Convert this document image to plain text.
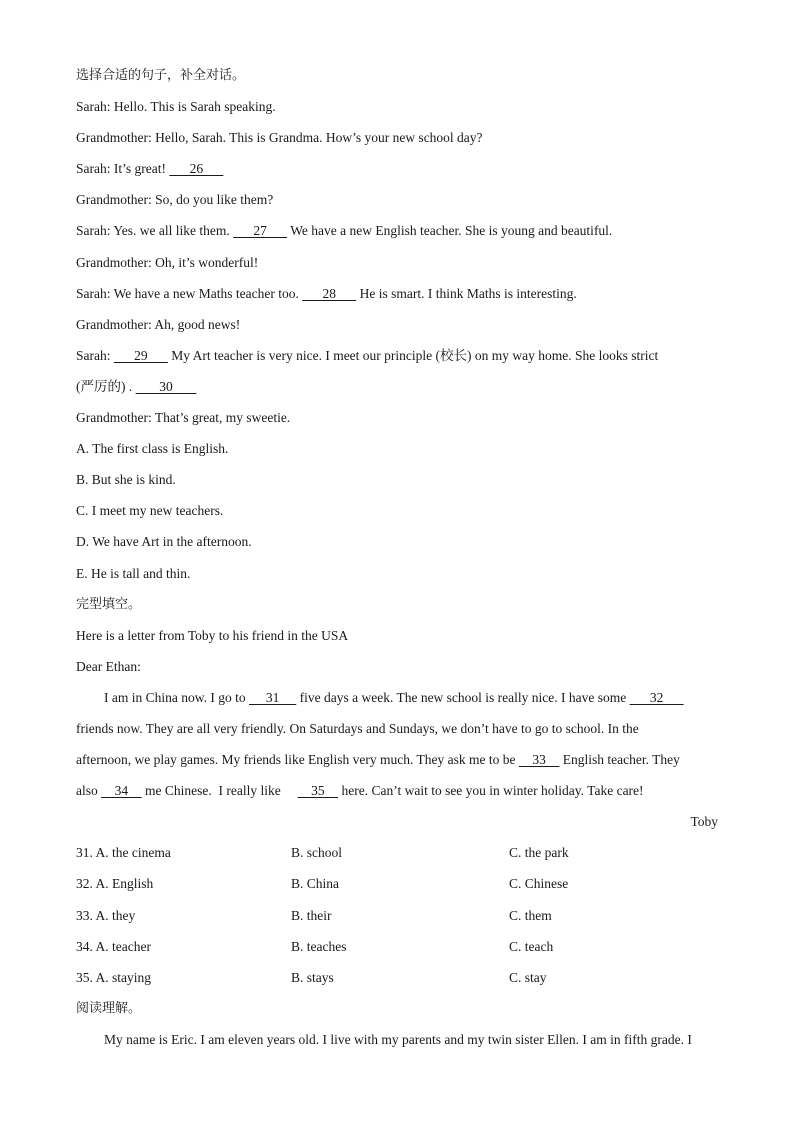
选择合适的句子，补全对话。
Sarah: Hello. This is Sarah speaking.
Grandmother: Hello, Sarah. This is Grandma. How’s your new school day?
Sarah: It’s great!       26
Grandmother: So, do you like them?
Sarah: Yes. we all like them.       27       We have a new English teacher. She is young and beautiful.
Grandmother: Oh, it’s wonderful!
Sarah: We have a new Maths teacher too.       28       He is smart. I think Maths is interesting.
Grandmother: Ah, good news!
Sarah:       29       My Art teacher is very nice. I meet our principle (校长) on my way home. She looks strict
(严厉的) .        30
Grandmother: That’s great, my sweetie.
A. The first class is English.
B. But she is kind.
C. I meet my new teachers.
D. We have Art in the afternoon.
E. He is tall and thin.
完型填空。
Here is a letter from Toby to his friend in the USA
Dear Ethan:
I am in China now. I go to      31      five days a week. The new school is really nice. I have some       32
friends now. They are all very friendly. On Saturdays and Sundays, we don’t have to go to school. In the
afternoon, we play games. My friends like English very much. They ask me to be     33     English teacher. They
also     34     me Chinese.  I really like         35     here. Can’t wait to see you in winter holiday. Take care!
Toby
31. A. the cinema	B. school	C. the park
32. A. English	B. China	C. Chinese
33. A. they	B. their	C. them
34. A. teacher	B. teaches	C. teach
35. A. staying	B. stays	C. stay
阅读理解。
My name is Eric. I am eleven years old. I live with my parents and my twin sister Ellen. I am in fifth grade. I
